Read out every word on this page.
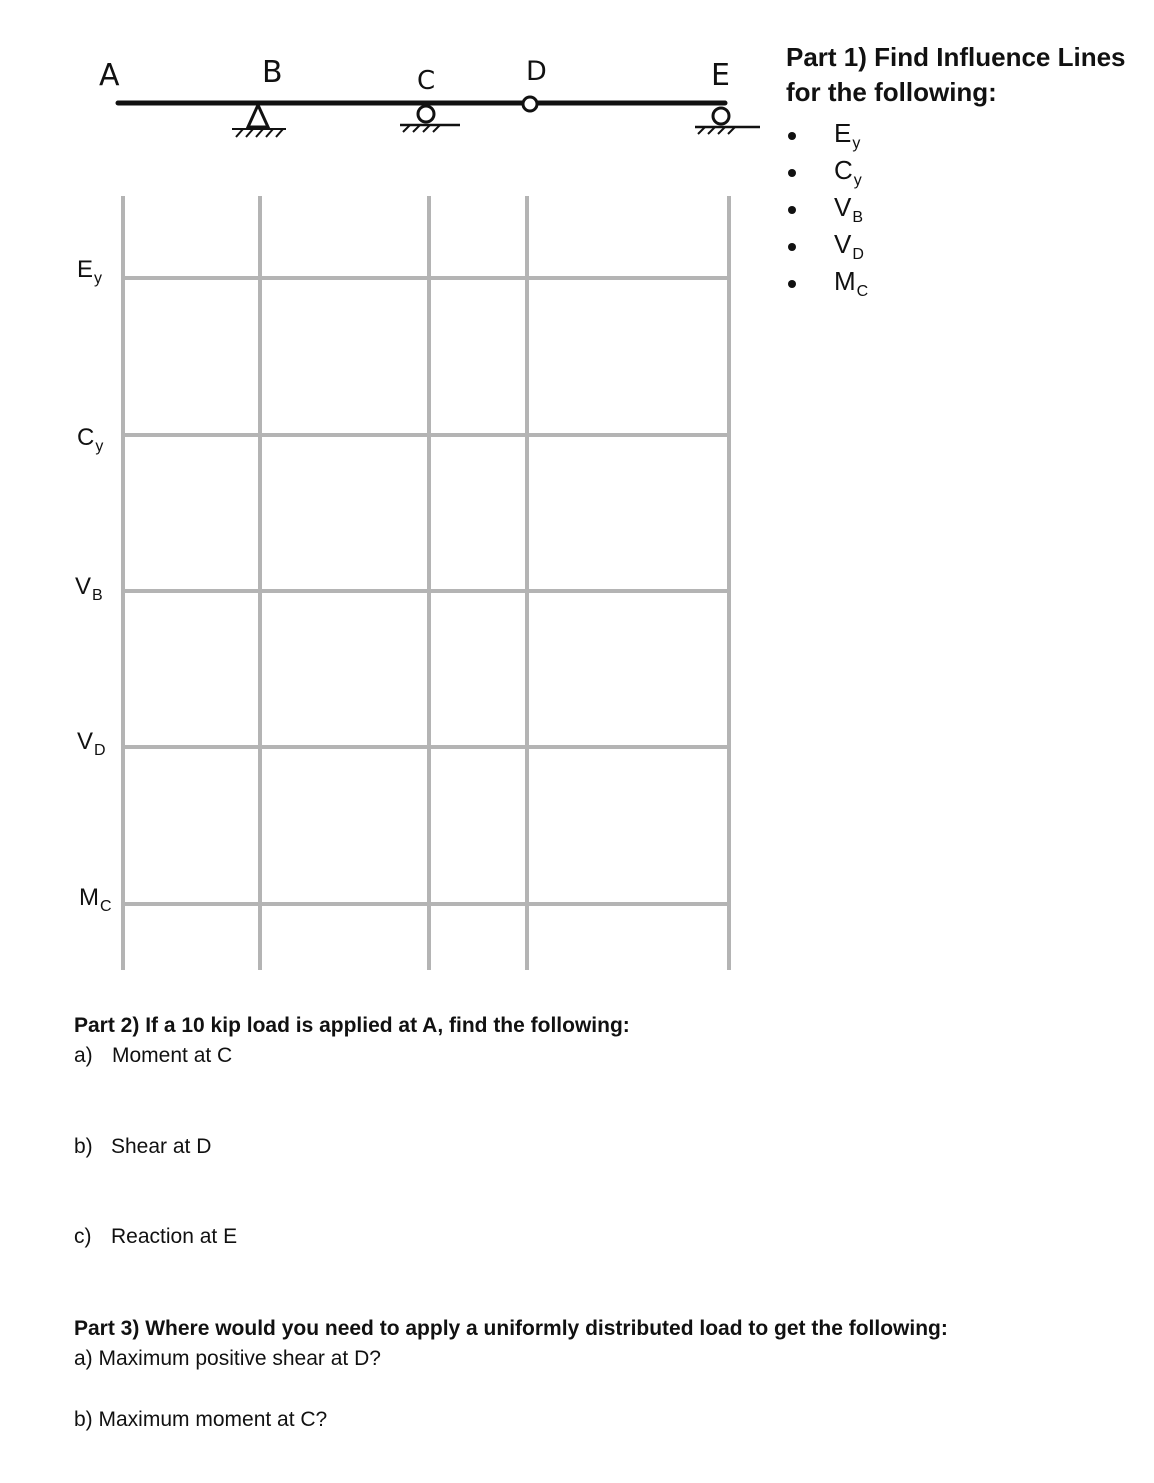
A	B	C	D	E
Part 1) Find Influence Lines
for the following:
$E_y$
$C_y$
$V_B$
$V_D$
$M_C$
$E_y$
$C_y$
$V_B$
$V_D$
$M_C$
Part 2) If a 10 kip load is applied at A, find the following:
a) Moment at C
b) Shear at D
c) Reaction at E
Part 3) Where would you need to apply a uniformly distributed load to get the following:
a) Maximum positive shear at D?
b) Maximum moment at C?
